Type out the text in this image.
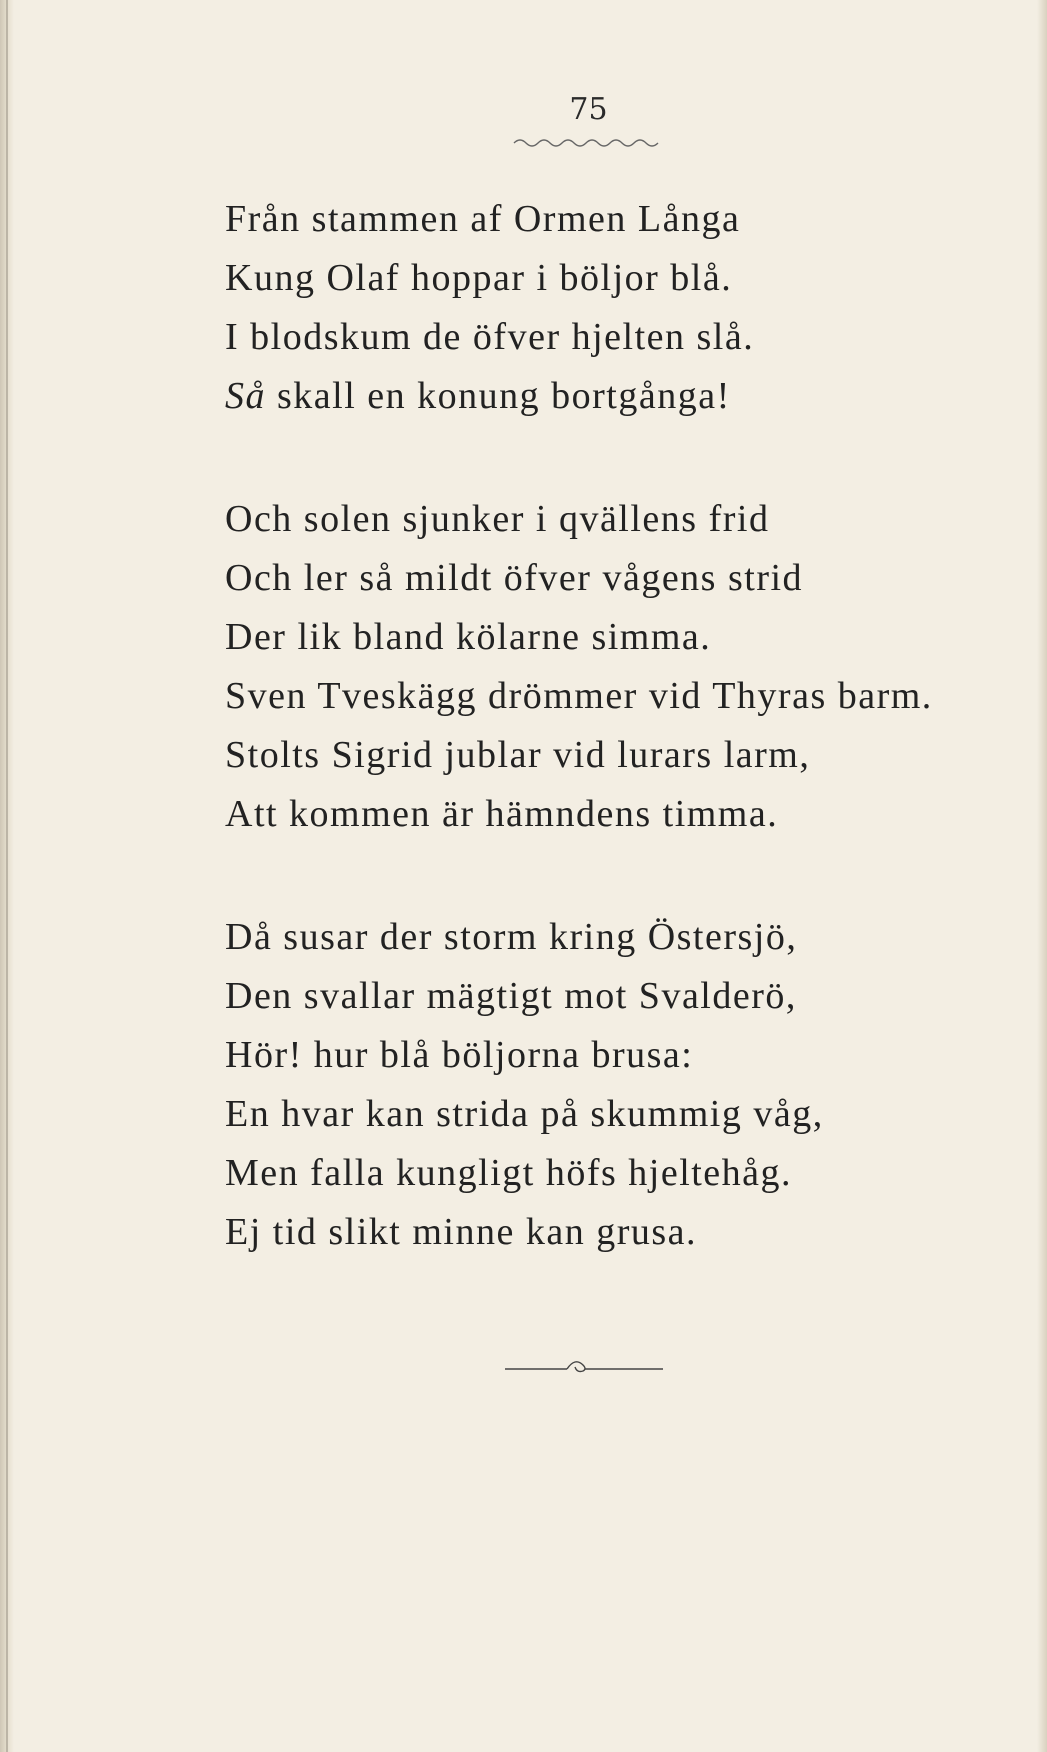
75

Från stammen af Ormen Långa
Kung Olaf hoppar i böljor blå.
I blodskum de öfver hjelten slå.
Så skall en konung bortgånga!
Och solen sjunker i qvällens frid
Och ler så mildt öfver vågens strid
Der lik bland kölarne simma.
Sven Tveskägg drömmer vid Thyras barm.
Stolts Sigrid jublar vid lurars larm,
Att kommen är hämndens timma.
Då susar der storm kring Östersjö,
Den svallar mägtigt mot Svalderö,
Hör! hur blå böljorna brusa:
En hvar kan strida på skummig våg,
Men falla kungligt höfs hjeltehåg.
Ej tid slikt minne kan grusa.
